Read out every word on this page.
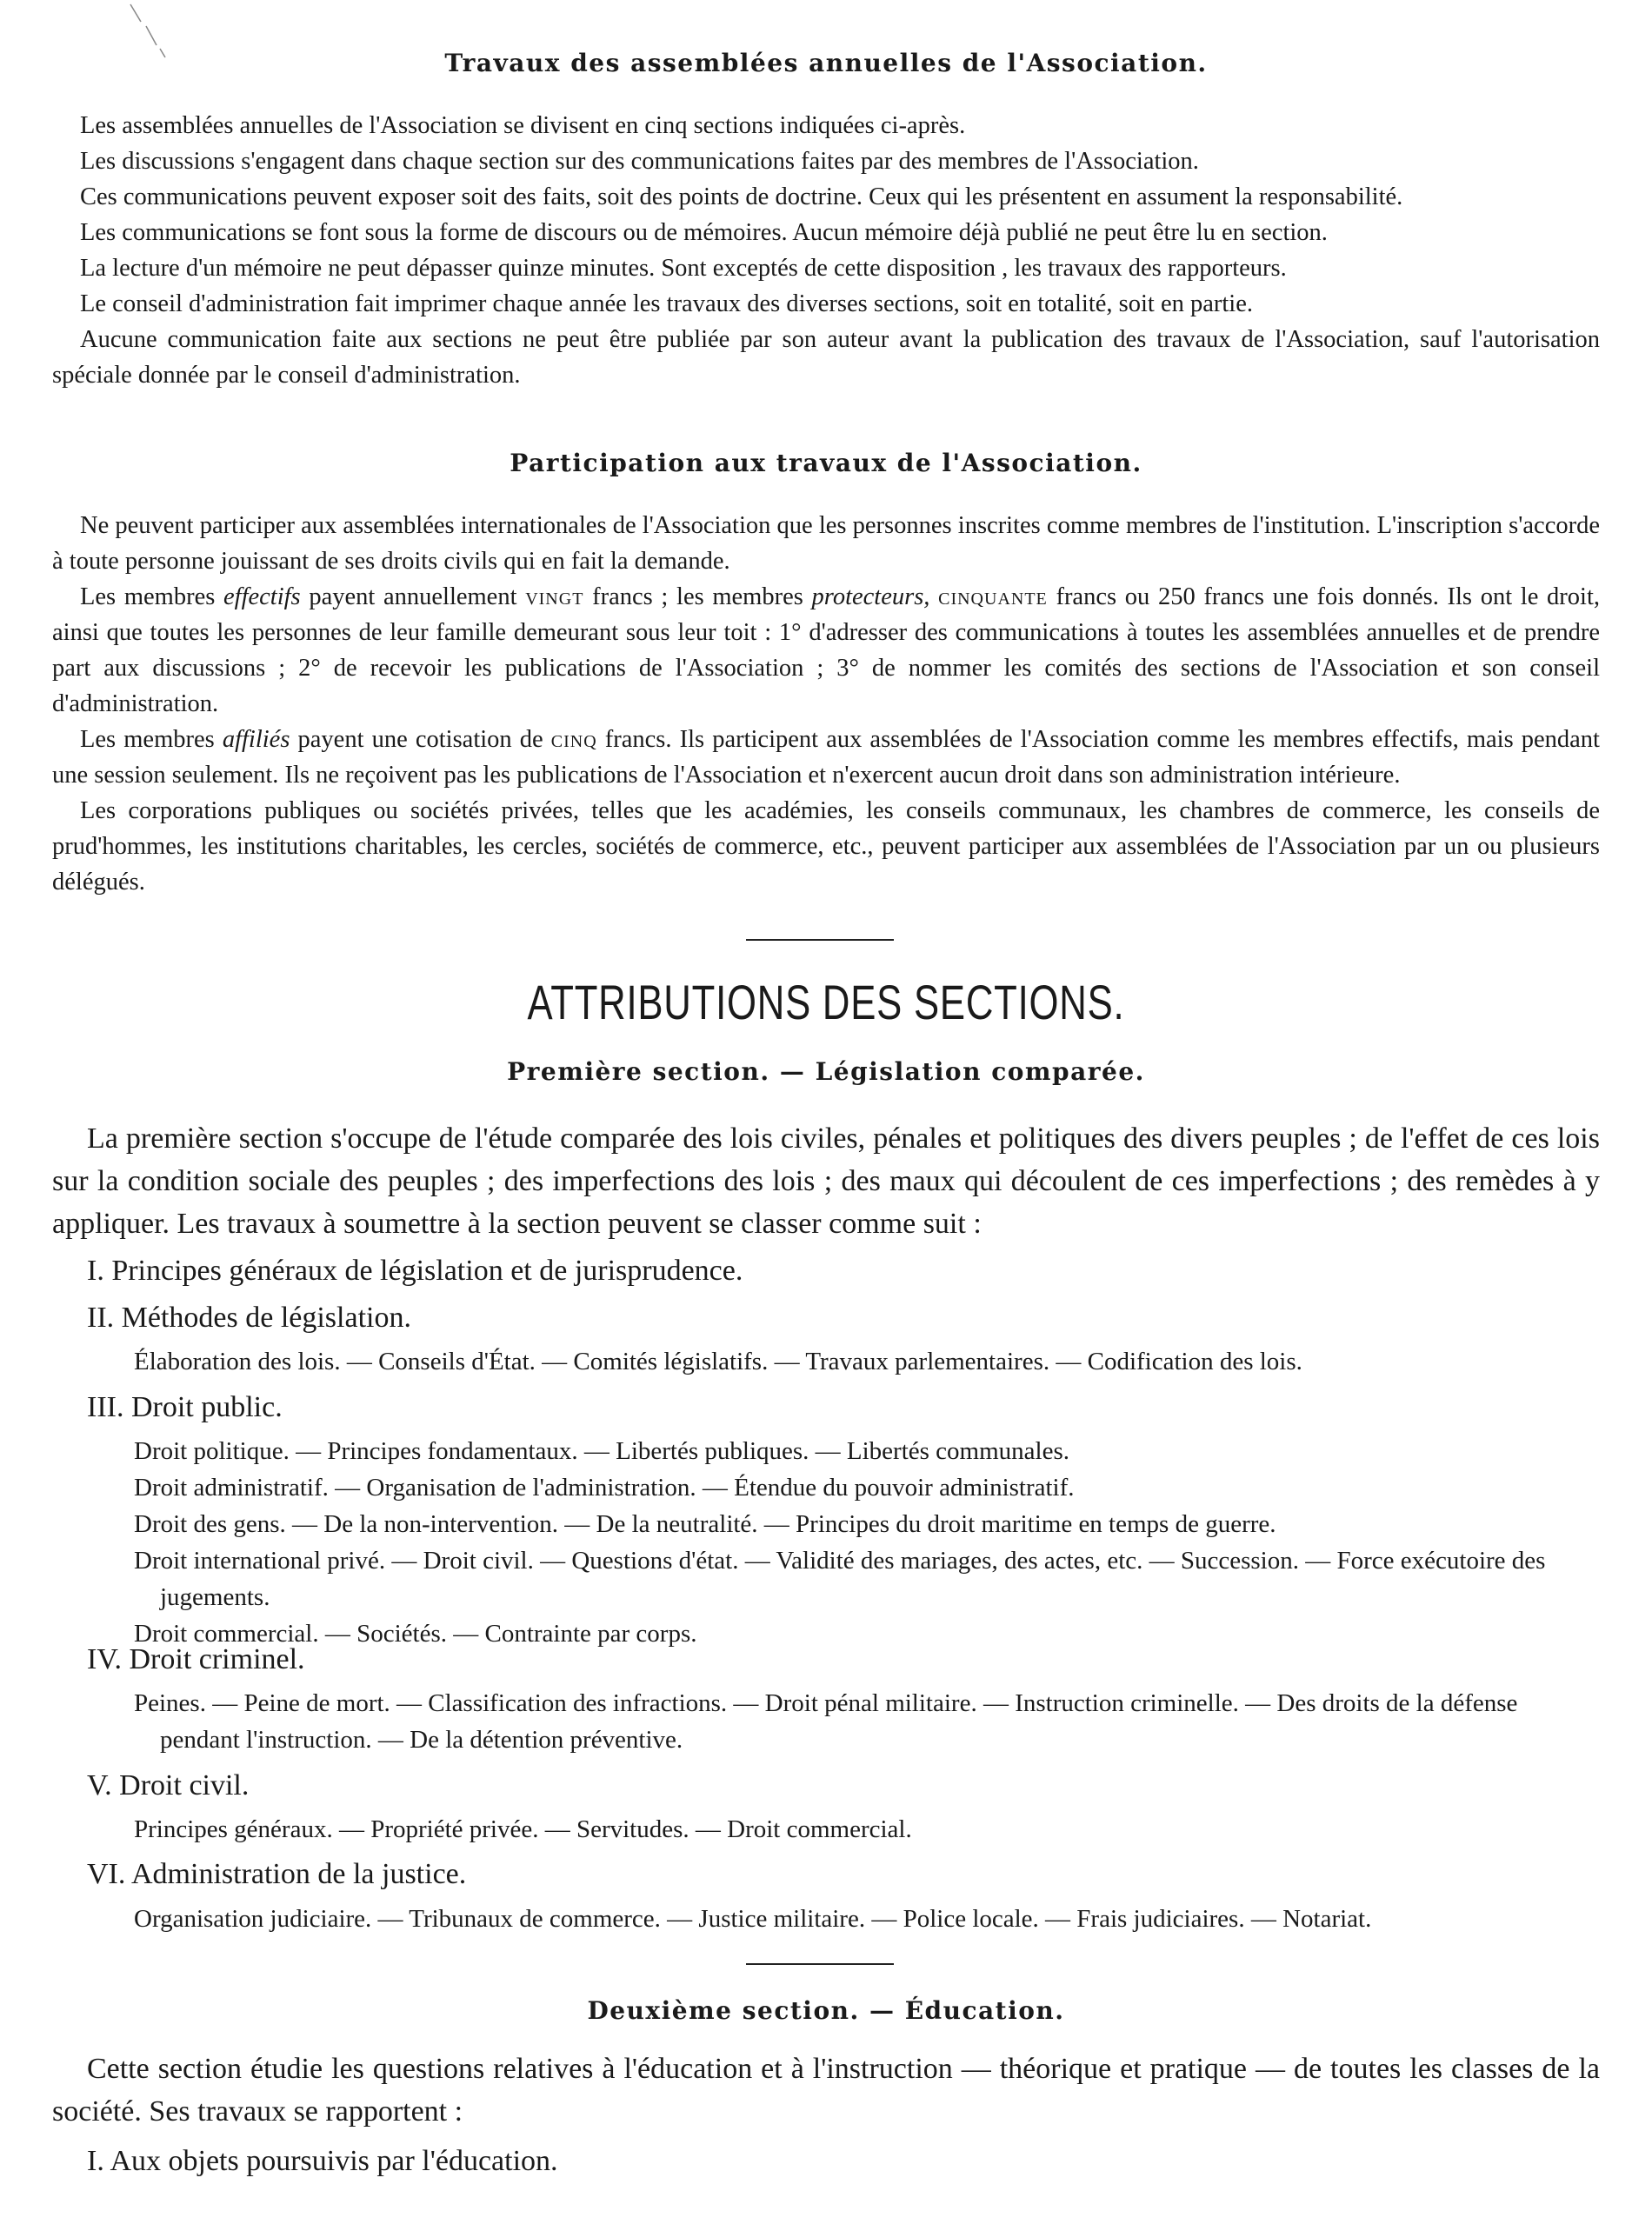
Travaux des assemblées annuelles de l'Association.

Les assemblées annuelles de l'Association se divisent en cinq sections indiquées ci-après.

Les discussions s'engagent dans chaque section sur des communications faites par des membres de l'Association.

Ces communications peuvent exposer soit des faits, soit des points de doctrine. Ceux qui les présentent en assument la responsabilité.

Les communications se font sous la forme de discours ou de mémoires. Aucun mémoire déjà publié ne peut être lu en section.

La lecture d'un mémoire ne peut dépasser quinze minutes. Sont exceptés de cette disposition , les travaux des rapporteurs.

Le conseil d'administration fait imprimer chaque année les travaux des diverses sections, soit en totalité, soit en partie.

Aucune communication faite aux sections ne peut être publiée par son auteur avant la publication des travaux de l'Association, sauf l'autorisation spéciale donnée par le conseil d'administration.

Participation aux travaux de l'Association.

Ne peuvent participer aux assemblées internationales de l'Association que les personnes inscrites comme membres de l'institution. L'inscription s'accorde à toute personne jouissant de ses droits civils qui en fait la demande.

Les membres effectifs payent annuellement vingt francs ; les membres protecteurs, cinquante francs ou 250 francs une fois donnés. Ils ont le droit, ainsi que toutes les personnes de leur famille demeurant sous leur toit : 1° d'adresser des communications à toutes les assemblées annuelles et de prendre part aux discussions ; 2° de recevoir les publications de l'Association ; 3° de nommer les comités des sections de l'Association et son conseil d'administration.

Les membres affiliés payent une cotisation de cinq francs. Ils participent aux assemblées de l'Association comme les membres effectifs, mais pendant une session seulement. Ils ne reçoivent pas les publications de l'Association et n'exercent aucun droit dans son administration intérieure.

Les corporations publiques ou sociétés privées, telles que les académies, les conseils communaux, les chambres de commerce, les conseils de prud'hommes, les institutions charitables, les cercles, sociétés de commerce, etc., peuvent participer aux assemblées de l'Association par un ou plusieurs délégués.

ATTRIBUTIONS DES SECTIONS.
Première section. — Législation comparée.

La première section s'occupe de l'étude comparée des lois civiles, pénales et politiques des divers peuples ; de l'effet de ces lois sur la condition sociale des peuples ; des imperfections des lois ; des maux qui découlent de ces imperfections ; des remèdes à y appliquer. Les travaux à soumettre à la section peuvent se classer comme suit :

I. Principes généraux de législation et de jurisprudence.
II. Méthodes de législation.

Élaboration des lois. — Conseils d'État. — Comités législatifs. — Travaux parlementaires. — Codification des lois.

III. Droit public.

Droit politique. — Principes fondamentaux. — Libertés publiques. — Libertés communales.

Droit administratif. — Organisation de l'administration. — Étendue du pouvoir administratif.

Droit des gens. — De la non-intervention. — De la neutralité. — Principes du droit maritime en temps de guerre.

Droit international privé. — Droit civil. — Questions d'état. — Validité des mariages, des actes, etc. — Succession. — Force exécutoire des jugements.

Droit commercial. — Sociétés. — Contrainte par corps.

IV. Droit criminel.

Peines. — Peine de mort. — Classification des infractions. — Droit pénal militaire. — Instruction criminelle. — Des droits de la défense pendant l'instruction. — De la détention préventive.

V. Droit civil.

Principes généraux. — Propriété privée. — Servitudes. — Droit commercial.

VI. Administration de la justice.

Organisation judiciaire. — Tribunaux de commerce. — Justice militaire. — Police locale. — Frais judiciaires. — Notariat.

Deuxième section. — Éducation.

Cette section étudie les questions relatives à l'éducation et à l'instruction — théorique et pratique — de toutes les classes de la société. Ses travaux se rapportent :

I. Aux objets poursuivis par l'éducation.
